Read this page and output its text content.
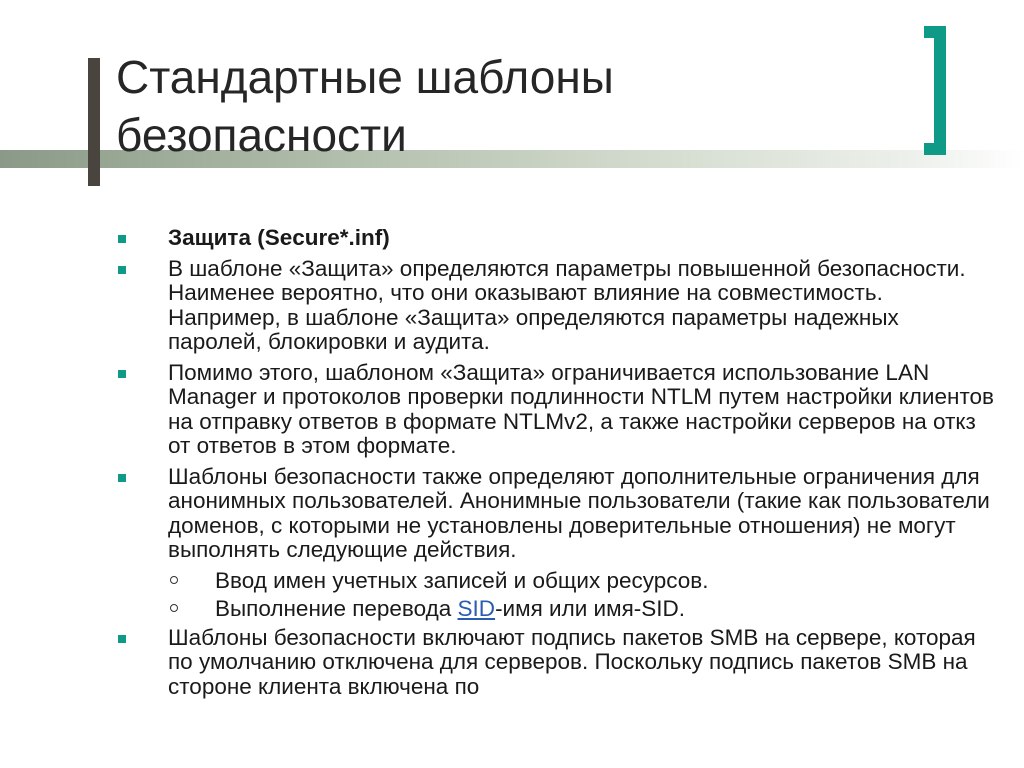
Стандартные шаблоны
безопасности
Защита (Secure*.inf)
В шаблоне «Защита» определяются параметры повышенной безопасности. Наименее вероятно, что они оказывают влияние на совместимость. Например, в шаблоне «Защита» определяются параметры надежных паролей, блокировки и аудита.
Помимо этого, шаблоном «Защита» ограничивается использование LAN Manager и протоколов проверки подлинности NTLM путем настройки клиентов на отправку ответов в формате NTLMv2, а также настройки серверов на откз от ответов в этом формате.
Шаблоны безопасности также определяют дополнительные ограничения для анонимных пользователей. Анонимные пользователи (такие как пользователи доменов, с которыми не установлены доверительные отношения) не могут выполнять следующие действия.
Ввод имен учетных записей и общих ресурсов.
Выполнение перевода SID-имя или имя-SID.
Шаблоны безопасности включают подпись пакетов SMB на сервере, которая по умолчанию отключена для серверов. Поскольку подпись пакетов SMB на стороне клиента включена по
